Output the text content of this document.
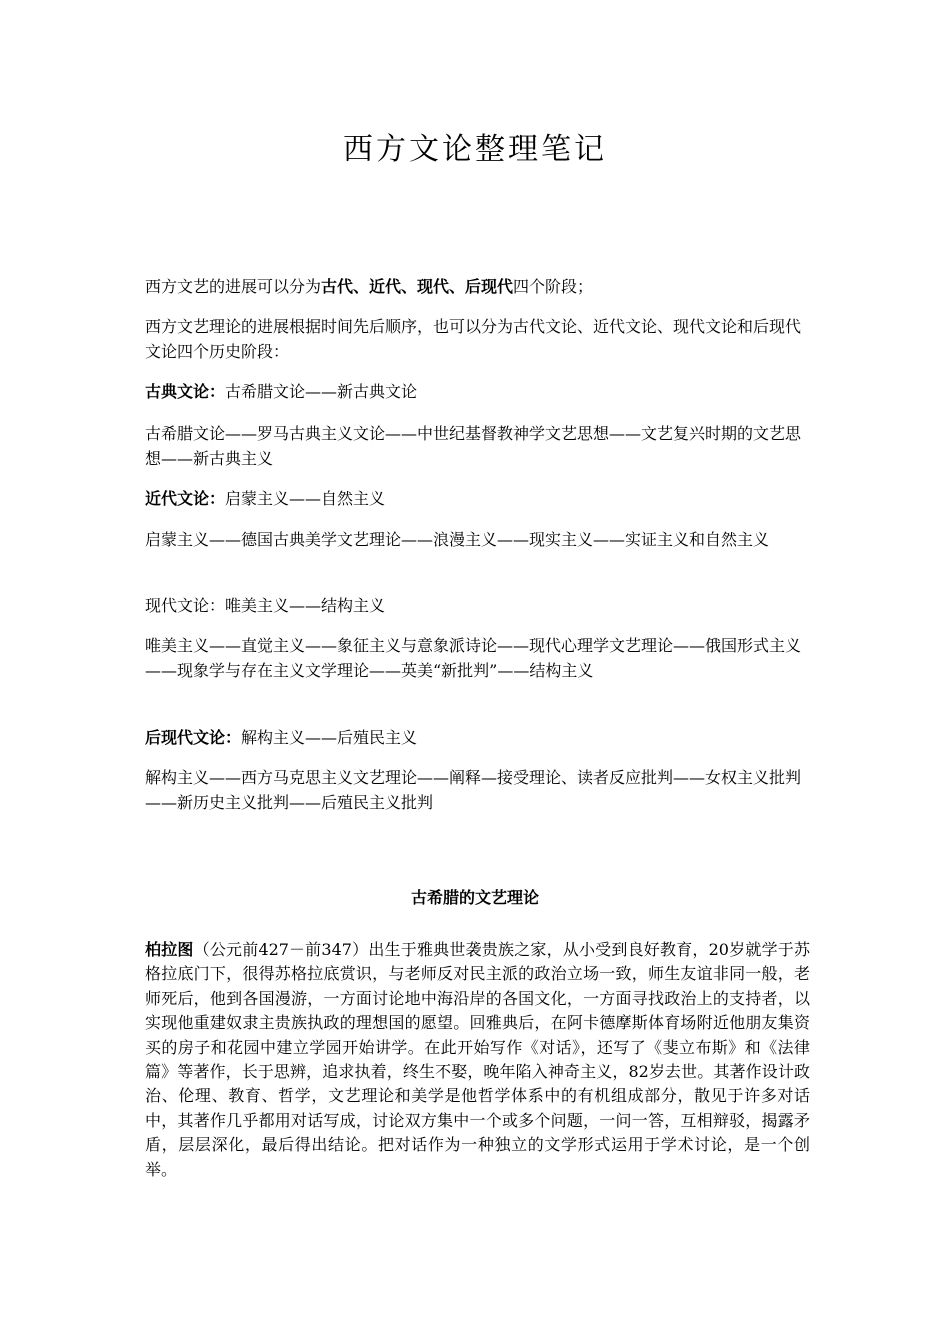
西方文论整理笔记

西方文艺的进展可以分为古代、近代、现代、后现代四个阶段；

西方文艺理论的进展根据时间先后顺序，也可以分为古代文论、近代文论、现代文论和后现代文论四个历史阶段：

古典文论：古希腊文论——新古典文论

古希腊文论——罗马古典主义文论——中世纪基督教神学文艺思想——文艺复兴时期的文艺思想——新古典主义

近代文论：启蒙主义——自然主义

启蒙主义——德国古典美学文艺理论——浪漫主义——现实主义——实证主义和自然主义

现代文论：唯美主义——结构主义

唯美主义——直觉主义——象征主义与意象派诗论——现代心理学文艺理论——俄国形式主义——现象学与存在主义文学理论——英美“新批判”——结构主义

后现代文论：解构主义——后殖民主义

解构主义——西方马克思主义文艺理论——阐释—接受理论、读者反应批判——女权主义批判——新历史主义批判——后殖民主义批判

古希腊的文艺理论

柏拉图（公元前427－前347）出生于雅典世袭贵族之家，从小受到良好教育，20岁就学于苏格拉底门下，很得苏格拉底赏识，与老师反对民主派的政治立场一致，师生友谊非同一般，老师死后，他到各国漫游，一方面讨论地中海沿岸的各国文化，一方面寻找政治上的支持者，以实现他重建奴隶主贵族执政的理想国的愿望。回雅典后，在阿卡德摩斯体育场附近他朋友集资买的房子和花园中建立学园开始讲学。在此开始写作《对话》，还写了《斐立布斯》和《法律篇》等著作，长于思辨，追求执着，终生不娶，晚年陷入神奇主义，82岁去世。其著作设计政治、伦理、教育、哲学，文艺理论和美学是他哲学体系中的有机组成部分，散见于许多对话中，其著作几乎都用对话写成，讨论双方集中一个或多个问题，一问一答，互相辩驳，揭露矛盾，层层深化，最后得出结论。把对话作为一种独立的文学形式运用于学术讨论，是一个创举。
